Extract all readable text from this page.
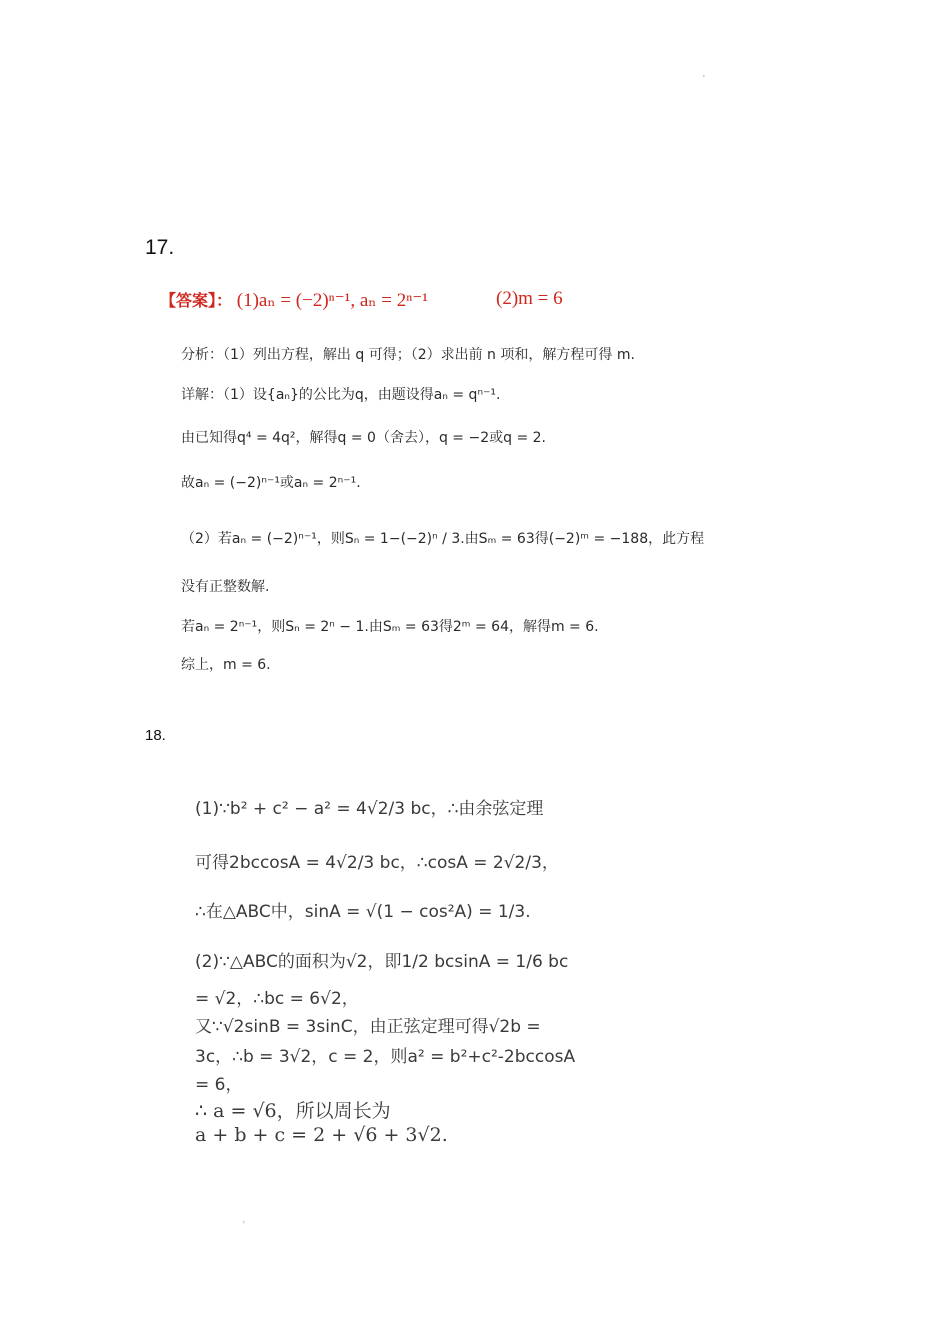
'
'
17.
【答案】： (1)aₙ = (−2)ⁿ⁻¹, aₙ = 2ⁿ⁻¹	(2)m = 6
分析：（1）列出方程，解出 q 可得；（2）求出前 n 项和，解方程可得 m.
详解：（1）设{aₙ}的公比为q，由题设得aₙ = qⁿ⁻¹.
由已知得q⁴ = 4q²，解得q = 0（舍去），q = −2或q = 2.
故aₙ = (−2)ⁿ⁻¹或aₙ = 2ⁿ⁻¹.
（2）若aₙ = (−2)ⁿ⁻¹，则Sₙ = 1−(−2)ⁿ / 3.由Sₘ = 63得(−2)ᵐ = −188，此方程
没有正整数解.
若aₙ = 2ⁿ⁻¹，则Sₙ = 2ⁿ − 1.由Sₘ = 63得2ᵐ = 64，解得m = 6.
综上，m = 6.
18.
(1)∵b² + c² − a² = 4√2/3 bc，∴由余弦定理
可得2bccosA = 4√2/3 bc，∴cosA = 2√2/3，
∴在△ABC中，sinA = √(1 − cos²A) = 1/3.
(2)∵△ABC的面积为√2，即1/2 bcsinA = 1/6 bc
= √2，∴bc = 6√2，
又∵√2sinB = 3sinC，由正弦定理可得√2b =
3c，∴b = 3√2，c = 2，则a² = b²+c²-2bccosA
= 6，
∴ a = √6，所以周长为
a + b + c = 2 + √6 + 3√2.
